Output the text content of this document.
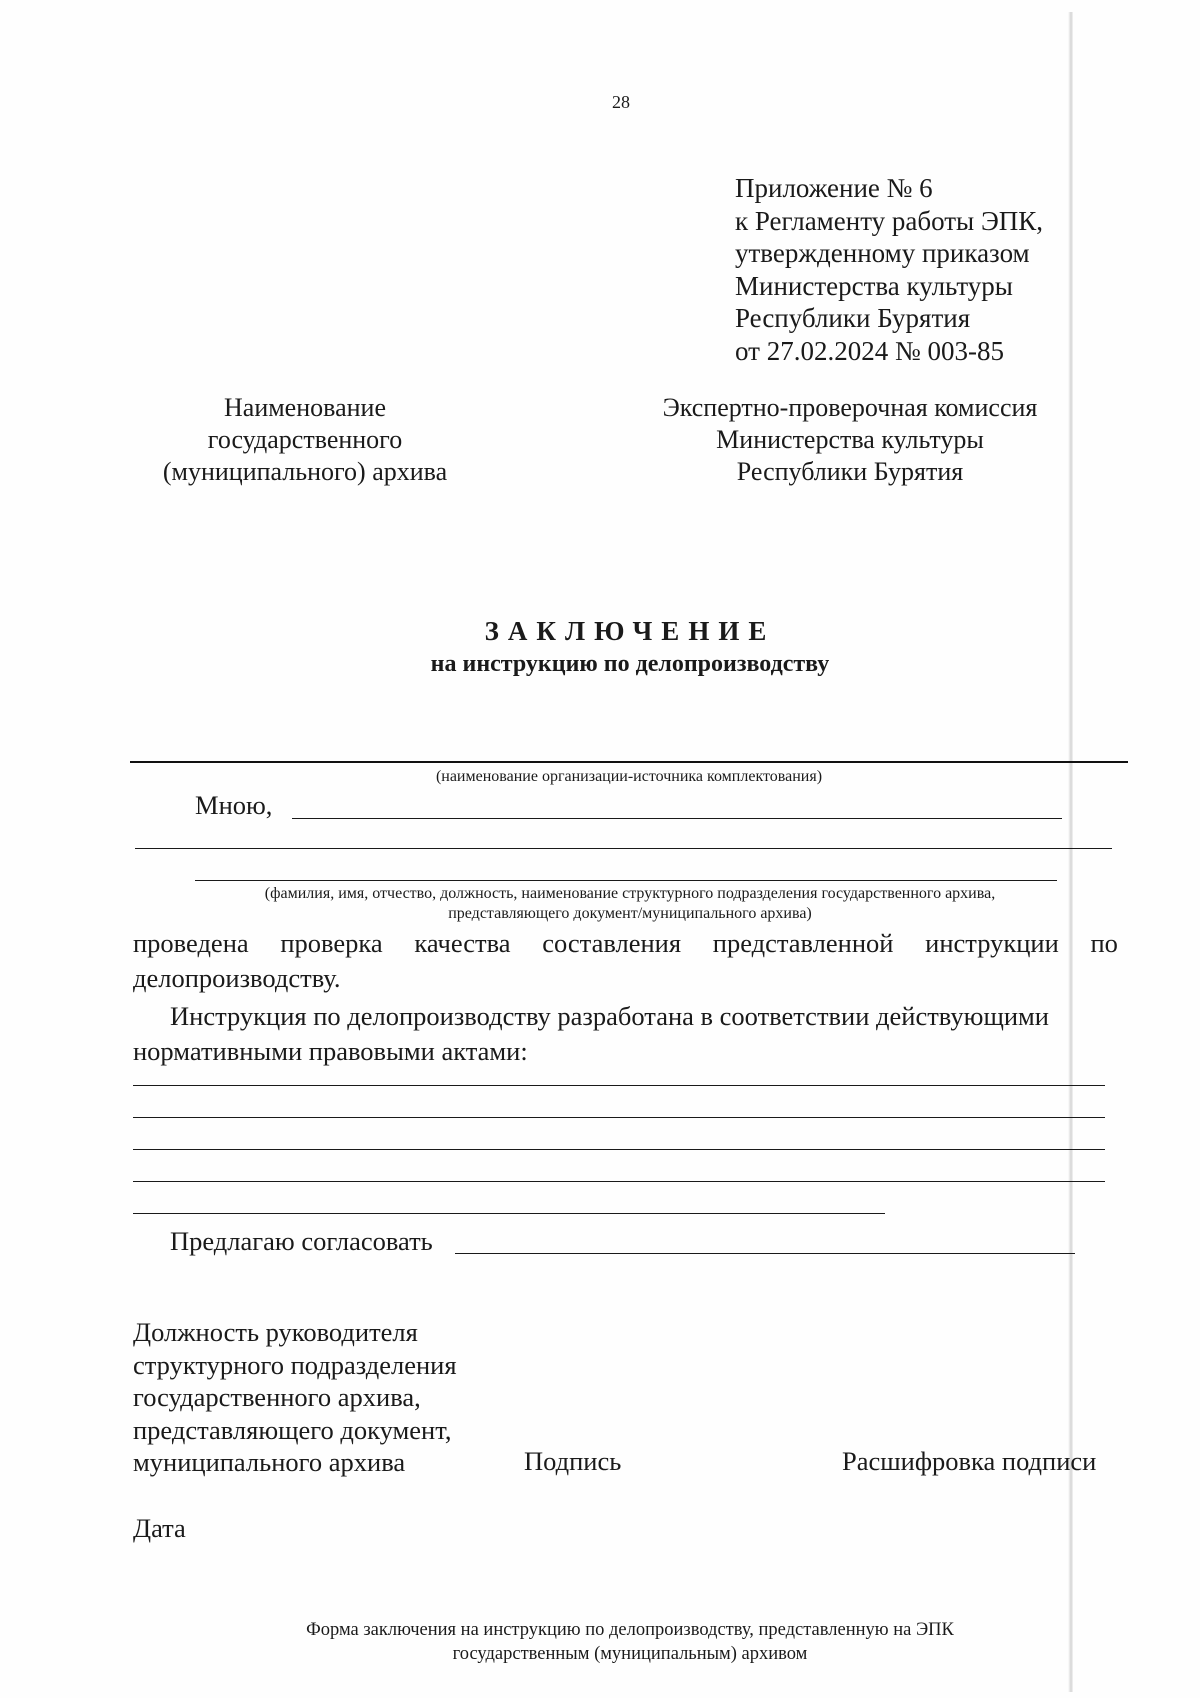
28
Приложение № 6
к Регламенту работы ЭПК,
утвержденному приказом
Министерства культуры
Республики Бурятия
от 27.02.2024 № 003-85
Наименование
государственного
(муниципального) архива
Экспертно-проверочная комиссия
Министерства культуры
Республики Бурятия
ЗАКЛЮЧЕНИЕ
на инструкцию по делопроизводству
(наименование организации-источника комплектования)
Мною,
(фамилия, имя, отчество, должность, наименование структурного подразделения государственного архива,
представляющего документ/муниципального архива)
проведена проверка качества составления представленной инструкции по
делопроизводству.
Инструкция по делопроизводству разработана в соответствии действующими
нормативными правовыми актами:
Предлагаю согласовать
Должность руководителя
структурного подразделения
государственного архива,
представляющего документ,
муниципального архива	Подпись	Расшифровка подписи
Дата
Форма заключения на инструкцию по делопроизводству, представленную на ЭПК
государственным (муниципальным) архивом
